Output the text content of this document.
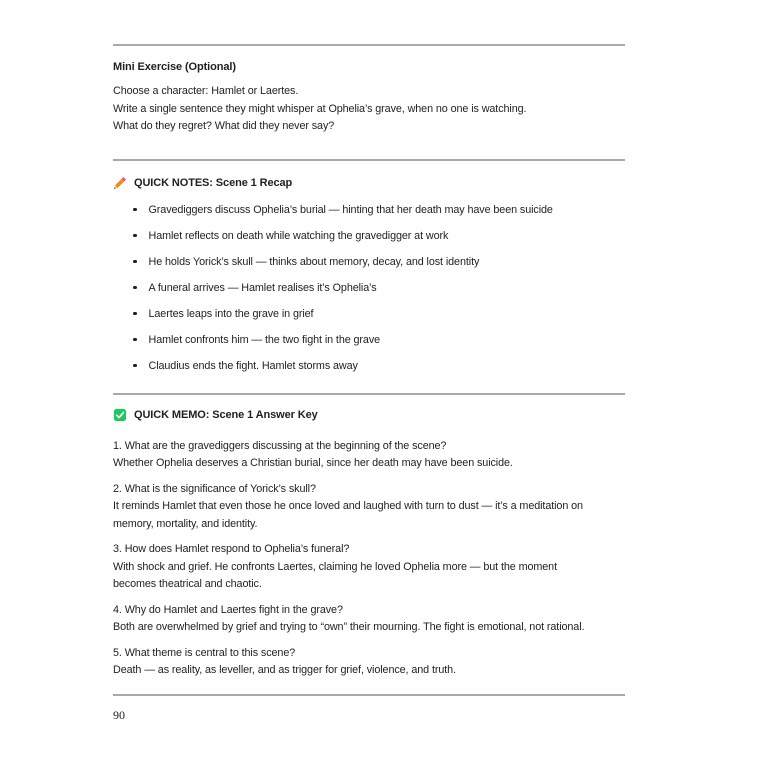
Mini Exercise (Optional)
Choose a character: Hamlet or Laertes.
Write a single sentence they might whisper at Ophelia’s grave, when no one is watching.
What do they regret? What did they never say?
QUICK NOTES: Scene 1 Recap
Gravediggers discuss Ophelia’s burial — hinting that her death may have been suicide
Hamlet reflects on death while watching the gravedigger at work
He holds Yorick’s skull — thinks about memory, decay, and lost identity
A funeral arrives — Hamlet realises it’s Ophelia’s
Laertes leaps into the grave in grief
Hamlet confronts him — the two fight in the grave
Claudius ends the fight. Hamlet storms away
QUICK MEMO: Scene 1 Answer Key
1. What are the gravediggers discussing at the beginning of the scene?
Whether Ophelia deserves a Christian burial, since her death may have been suicide.
2. What is the significance of Yorick’s skull?
It reminds Hamlet that even those he once loved and laughed with turn to dust — it’s a meditation on
memory, mortality, and identity.
3. How does Hamlet respond to Ophelia’s funeral?
With shock and grief. He confronts Laertes, claiming he loved Ophelia more — but the moment
becomes theatrical and chaotic.
4. Why do Hamlet and Laertes fight in the grave?
Both are overwhelmed by grief and trying to “own” their mourning. The fight is emotional, not rational.
5. What theme is central to this scene?
Death — as reality, as leveller, and as trigger for grief, violence, and truth.
90
